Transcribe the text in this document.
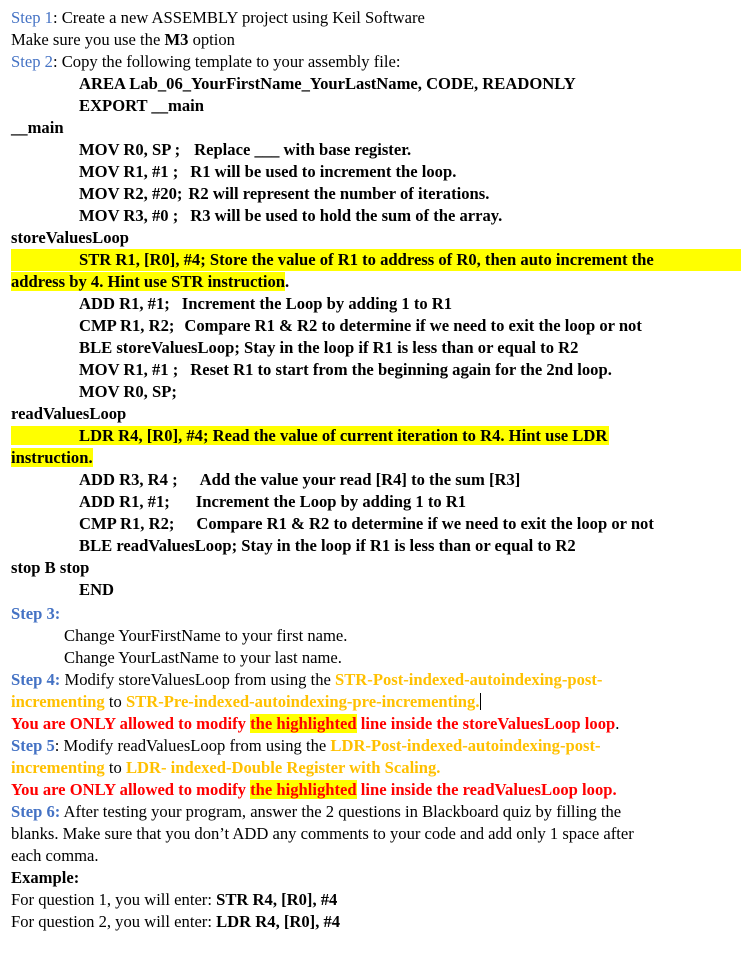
Step 1: Create a new ASSEMBLY project using Keil Software
Make sure you use the M3 option
Step 2: Copy the following template to your assembly file:
AREA Lab_06_YourFirstName_YourLastName, CODE, READONLY
EXPORT __main
__main
MOV R0, SP ; Replace ___ with base register.
MOV R1, #1 ; R1 will be used to increment the loop.
MOV R2, #20; R2 will represent the number of iterations.
MOV R3, #0 ; R3 will be used to hold the sum of the array.
storeValuesLoop
STR R1, [R0], #4; Store the value of R1 to address of R0, then auto increment the
address by 4. Hint use STR instruction.
ADD R1, #1; Increment the Loop by adding 1 to R1
CMP R1, R2; Compare R1 & R2 to determine if we need to exit the loop or not
BLE storeValuesLoop; Stay in the loop if R1 is less than or equal to R2
MOV R1, #1 ; Reset R1 to start from the beginning again for the 2nd loop.
MOV R0, SP;
readValuesLoop
LDR R4, [R0], #4; Read the value of current iteration to R4. Hint use LDR
instruction.
ADD R3, R4 ; Add the value your read [R4] to the sum [R3]
ADD R1, #1; Increment the Loop by adding 1 to R1
CMP R1, R2; Compare R1 & R2 to determine if we need to exit the loop or not
BLE readValuesLoop; Stay in the loop if R1 is less than or equal to R2
stop B stop
END
Step 3:
Change YourFirstName to your first name.
Change YourLastName to your last name.
Step 4: Modify storeValuesLoop from using the STR-Post-indexed-autoindexing-post-
incrementing to STR-Pre-indexed-autoindexing-pre-incrementing.
You are ONLY allowed to modify the highlighted line inside the storeValuesLoop loop.
Step 5: Modify readValuesLoop from using the LDR-Post-indexed-autoindexing-post-
incrementing to LDR- indexed-Double Register with Scaling.
You are ONLY allowed to modify the highlighted line inside the readValuesLoop loop.
Step 6: After testing your program, answer the 2 questions in Blackboard quiz by filling the
blanks. Make sure that you don’t ADD any comments to your code and add only 1 space after
each comma.
Example:
For question 1, you will enter: STR R4, [R0], #4
For question 2, you will enter: LDR R4, [R0], #4
